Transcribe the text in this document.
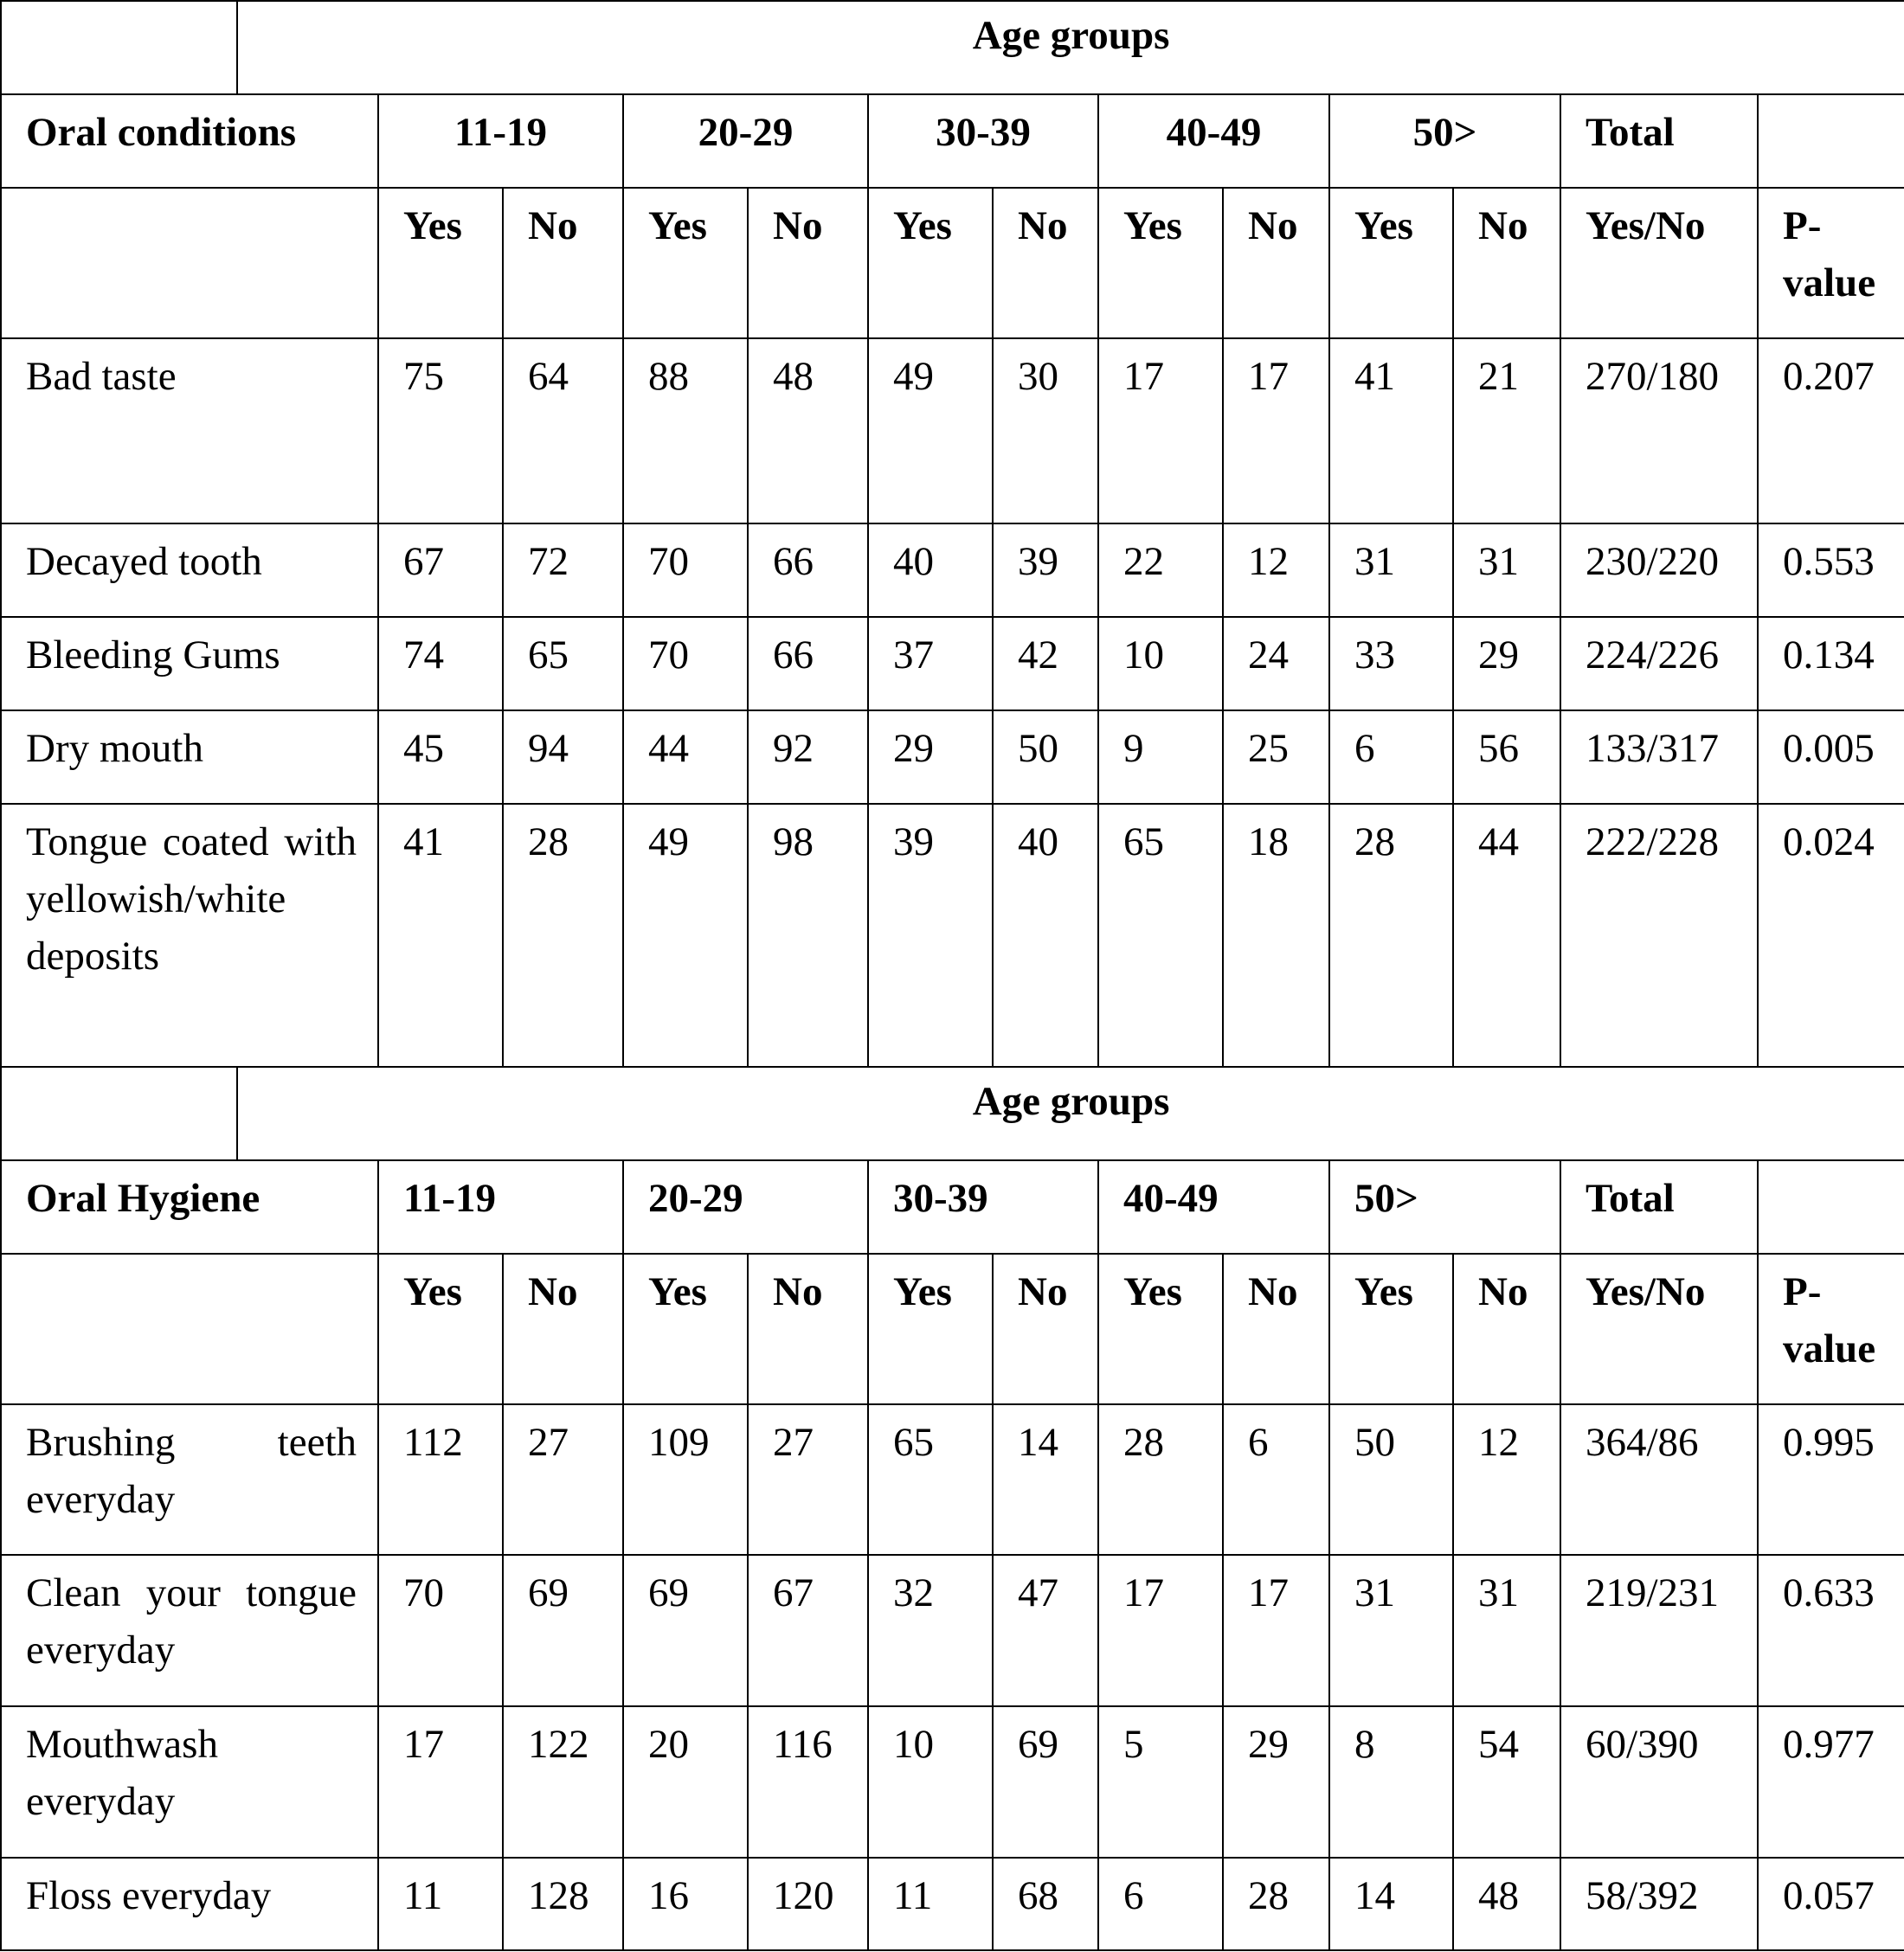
	Age groups												
Oral conditions		11-19		20-29		30-39		40-49		50>		Total	
		Yes	No	Yes	No	Yes	No	Yes	No	Yes	No	Yes/No	P-value
Bad taste		75	64	88	48	49	30	17	17	41	21	270/180	0.207
Decayed tooth		67	72	70	66	40	39	22	12	31	31	230/220	0.553
Bleeding Gums		74	65	70	66	37	42	10	24	33	29	224/226	0.134
Dry mouth		45	94	44	92	29	50	9	25	6	56	133/317	0.005
Tongue coated with yellowish/white deposits		41	28	49	98	39	40	65	18	28	44	222/228	0.024
	Age groups												
Oral Hygiene		11-19		20-29		30-39		40-49		50>		Total	
		Yes	No	Yes	No	Yes	No	Yes	No	Yes	No	Yes/No	P-value
Brushing teeth everyday		112	27	109	27	65	14	28	6	50	12	364/86	0.995
Clean your tongue everyday		70	69	69	67	32	47	17	17	31	31	219/231	0.633
Mouthwash everyday		17	122	20	116	10	69	5	29	8	54	60/390	0.977
Floss everyday		11	128	16	120	11	68	6	28	14	48	58/392	0.057
